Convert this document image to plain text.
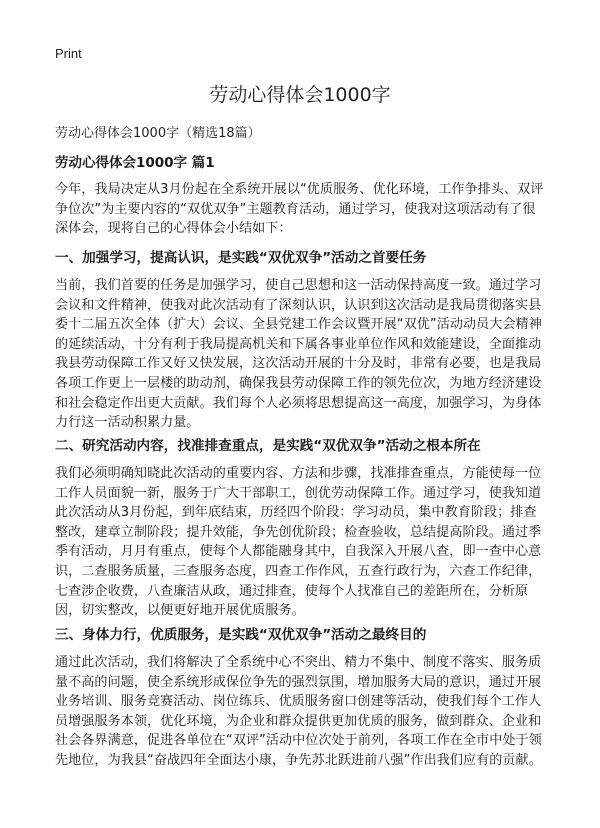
Print
劳动心得体会1000字
劳动心得体会1000字（精选18篇）
劳动心得体会1000字 篇1

今年，我局决定从3月份起在全系统开展以“优质服务、优化环境，工作争排头、双评争位次”为主要内容的“双优双争”主题教育活动，通过学习，使我对这项活动有了很深体会，现将自己的心得体会小结如下：

一、加强学习，提高认识，是实践“双优双争”活动之首要任务

当前，我们首要的任务是加强学习，使自己思想和这一活动保持高度一致。通过学习会议和文件精神，使我对此次活动有了深刻认识，认识到这次活动是我局贯彻落实县委十二届五次全体（扩大）会议、全县党建工作会议暨开展“双优”活动动员大会精神的延续活动，十分有利于我局提高机关和下属各事业单位作风和效能建设，全面推动我县劳动保障工作又好又快发展，这次活动开展的十分及时，非常有必要，也是我局各项工作更上一层楼的助动剂，确保我县劳动保障工作的领先位次，为地方经济建设和社会稳定作出更大贡献。我们每个人必须将思想提高这一高度，加强学习，为身体力行这一活动积累力量。

二、研究活动内容，找准排查重点，是实践“双优双争”活动之根本所在

我们必须明确知晓此次活动的重要内容、方法和步骤，找准排查重点，方能使每一位工作人员面貌一新，服务于广大干部职工，创优劳动保障工作。通过学习，使我知道此次活动从3月份起，到年底结束，历经四个阶段：学习动员，集中教育阶段；排查整改，建章立制阶段；提升效能，争先创优阶段；检查验收，总结提高阶段。通过季季有活动，月月有重点，使每个人都能融身其中，自我深入开展八查，即一查中心意识，二查服务质量，三查服务态度，四查工作作风，五查行政行为，六查工作纪律，七查涉企收费，八查廉洁从政，通过排查，使每个人找准自己的差距所在，分析原因，切实整改，以便更好地开展优质服务。

三、身体力行，优质服务，是实践“双优双争”活动之最终目的

通过此次活动，我们将解决了全系统中心不突出、精力不集中、制度不落实、服务质量不高的问题，使全系统形成保位争先的强烈氛围，增加服务大局的意识，通过开展业务培训、服务竞赛活动、岗位练兵、优质服务窗口创建等活动，使我们每个工作人员增强服务本领，优化环境，为企业和群众提供更加优质的服务，做到群众、企业和社会各界满意，促进各单位在“双评”活动中位次处于前列，各项工作在全市中处于领先地位，为我县“奋战四年全面达小康，争先苏北跃进前八强”作出我们应有的贡献。
